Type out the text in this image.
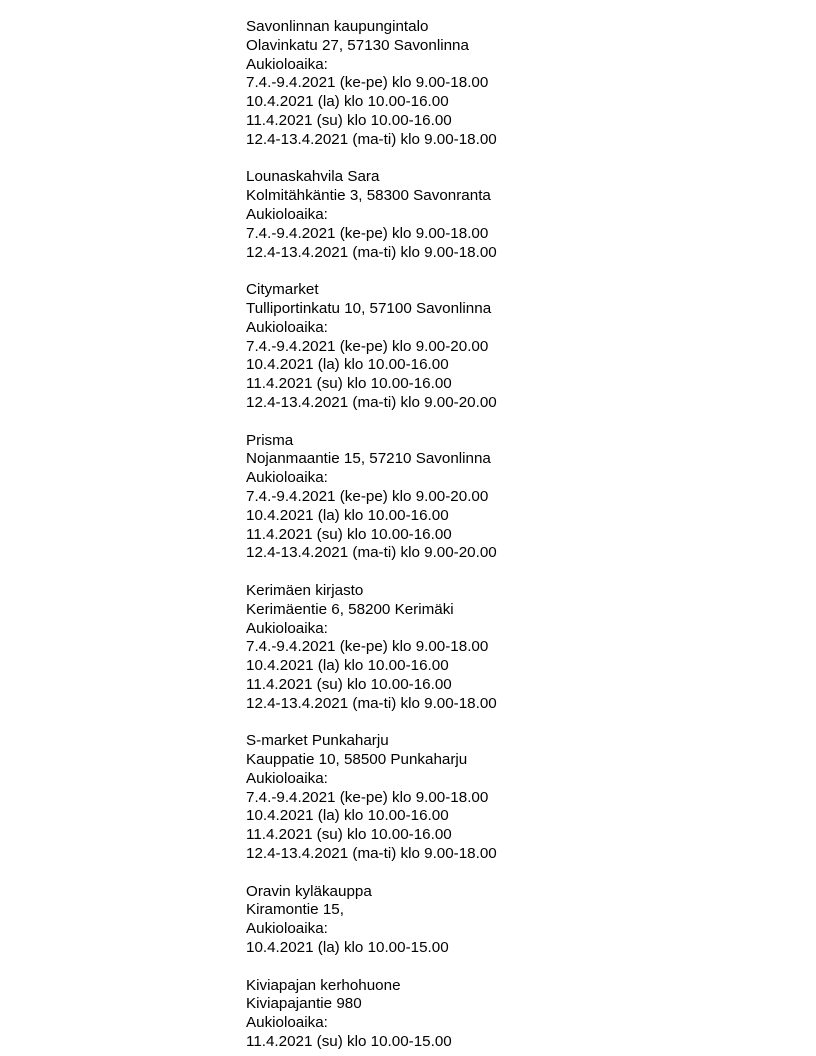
Savonlinnan kaupungintalo
Olavinkatu 27, 57130 Savonlinna
Aukioloaika:
7.4.-9.4.2021 (ke-pe) klo 9.00-18.00
10.4.2021 (la) klo 10.00-16.00
11.4.2021 (su) klo 10.00-16.00
12.4-13.4.2021 (ma-ti) klo 9.00-18.00
Lounaskahvila Sara
Kolmitähkäntie 3, 58300 Savonranta
Aukioloaika:
7.4.-9.4.2021 (ke-pe) klo 9.00-18.00
12.4-13.4.2021 (ma-ti) klo 9.00-18.00
Citymarket
Tulliportinkatu 10, 57100 Savonlinna
Aukioloaika:
7.4.-9.4.2021 (ke-pe) klo 9.00-20.00
10.4.2021 (la) klo 10.00-16.00
11.4.2021 (su) klo 10.00-16.00
12.4-13.4.2021 (ma-ti) klo 9.00-20.00
Prisma
Nojanmaantie 15, 57210 Savonlinna
Aukioloaika:
7.4.-9.4.2021 (ke-pe) klo 9.00-20.00
10.4.2021 (la) klo 10.00-16.00
11.4.2021 (su) klo 10.00-16.00
12.4-13.4.2021 (ma-ti) klo 9.00-20.00
Kerimäen kirjasto
Kerimäentie 6, 58200 Kerimäki
Aukioloaika:
7.4.-9.4.2021 (ke-pe) klo 9.00-18.00
10.4.2021 (la) klo 10.00-16.00
11.4.2021 (su) klo 10.00-16.00
12.4-13.4.2021 (ma-ti) klo 9.00-18.00
S-market Punkaharju
Kauppatie 10, 58500 Punkaharju
Aukioloaika:
7.4.-9.4.2021 (ke-pe) klo 9.00-18.00
10.4.2021 (la) klo 10.00-16.00
11.4.2021 (su) klo 10.00-16.00
12.4-13.4.2021 (ma-ti) klo 9.00-18.00
Oravin kyläkauppa
Kiramontie 15,
Aukioloaika:
10.4.2021 (la) klo 10.00-15.00
Kiviapajan kerhohuone
Kiviapajantie 980
Aukioloaika:
11.4.2021 (su) klo 10.00-15.00
